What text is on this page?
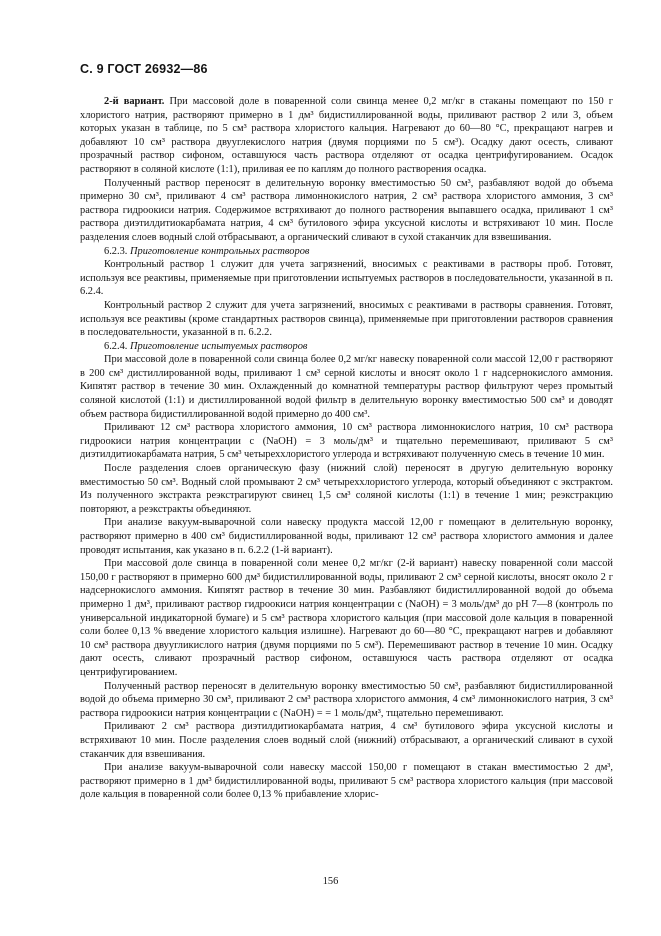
С. 9 ГОСТ 26932—86

2-й вариант. При массовой доле в поваренной соли свинца менее 0,2 мг/кг в стаканы помещают по 150 г хлористого натрия, растворяют примерно в 1 дм³ бидистиллированной воды, приливают раствор 2 или 3, объем которых указан в таблице, по 5 см³ раствора хлористого кальция. Нагревают до 60—80 °С, прекращают нагрев и добавляют 10 см³ раствора двууглекислого натрия (двумя порциями по 5 см³). Осадку дают осесть, сливают прозрачный раствор сифоном, оставшуюся часть раствора отделяют от осадка центрифугированием. Осадок растворяют в соляной кислоте (1:1), приливая ее по каплям до полного растворения осадка.

Полученный раствор переносят в делительную воронку вместимостью 50 см³, разбавляют водой до объема примерно 30 см³, приливают 4 см³ раствора лимоннокислого натрия, 2 см³ раствора хлористого аммония, 3 см³ раствора гидроокиси натрия. Содержимое встряхивают до полного растворения выпавшего осадка, приливают 1 см³ раствора диэтилдитиокарбамата натрия, 4 см³ бутилового эфира уксусной кислоты и встряхивают 10 мин. После разделения слоев водный слой отбрасывают, а органический сливают в сухой стаканчик для взвешивания.

6.2.3. Приготовление контрольных растворов

Контрольный раствор 1 служит для учета загрязнений, вносимых с реактивами в растворы проб. Готовят, используя все реактивы, применяемые при приготовлении испытуемых растворов в последовательности, указанной в п. 6.2.4.

Контрольный раствор 2 служит для учета загрязнений, вносимых с реактивами в растворы сравнения. Готовят, используя все реактивы (кроме стандартных растворов свинца), применяемые при приготовлении растворов сравнения в последовательности, указанной в п. 6.2.2.

6.2.4. Приготовление испытуемых растворов

При массовой доле в поваренной соли свинца более 0,2 мг/кг навеску поваренной соли массой 12,00 г растворяют в 200 см³ дистиллированной воды, приливают 1 см³ серной кислоты и вносят около 1 г надсернокислого аммония. Кипятят раствор в течение 30 мин. Охлажденный до комнатной температуры раствор фильтруют через промытый соляной кислотой (1:1) и дистиллированной водой фильтр в делительную воронку вместимостью 500 см³ и доводят объем раствора бидистиллированной водой примерно до 400 см³.

Приливают 12 см³ раствора хлористого аммония, 10 см³ раствора лимоннокислого натрия, 10 см³ раствора гидроокиси натрия концентрации c (NaOH) = 3 моль/дм³ и тщательно перемешивают, приливают 5 см³ диэтилдитиокарбамата натрия, 5 см³ четыреххлористого углерода и встряхивают полученную смесь в течение 10 мин.

После разделения слоев органическую фазу (нижний слой) переносят в другую делительную воронку вместимостью 50 см³. Водный слой промывают 2 см³ четыреххлористого углерода, который объединяют с экстрактом. Из полученного экстракта реэкстрагируют свинец 1,5 см³ соляной кислоты (1:1) в течение 1 мин; реэкстракцию повторяют, а реэкстракты объединяют.

При анализе вакуум-выварочной соли навеску продукта массой 12,00 г помещают в делительную воронку, растворяют примерно в 400 см³ бидистиллированной воды, приливают 12 см³ раствора хлористого аммония и далее проводят испытания, как указано в п. 6.2.2 (1-й вариант).

При массовой доле свинца в поваренной соли менее 0,2 мг/кг (2-й вариант) навеску поваренной соли массой 150,00 г растворяют в примерно 600 дм³ бидистиллированной воды, приливают 2 см³ серной кислоты, вносят около 2 г надсернокислого аммония. Кипятят раствор в течение 30 мин. Разбавляют бидистиллированной водой до объема примерно 1 дм³, приливают раствор гидроокиси натрия концентрации c (NaOH) = 3 моль/дм³ до pH 7—8 (контроль по универсальной индикаторной бумаге) и 5 см³ раствора хлористого кальция (при массовой доле кальция в поваренной соли более 0,13 % введение хлористого кальция излишне). Нагревают до 60—80 °С, прекращают нагрев и добавляют 10 см³ раствора двуугликислого натрия (двумя порциями по 5 см³). Перемешивают раствор в течение 10 мин. Осадку дают осесть, сливают прозрачный раствор сифоном, оставшуюся часть раствора отделяют от осадка центрифугированием.

Полученный раствор переносят в делительную воронку вместимостью 50 см³, разбавляют бидистиллированной водой до объема примерно 30 см³, приливают 2 см³ раствора хлористого аммония, 4 см³ лимоннокислого натрия, 3 см³ раствора гидроокиси натрия концентрации c (NaOH) = = 1 моль/дм³, тщательно перемешивают.

Приливают 2 см³ раствора диэтилдитиокарбамата натрия, 4 см³ бутилового эфира уксусной кислоты и встряхивают 10 мин. После разделения слоев водный слой (нижний) отбрасывают, а органический сливают в сухой стаканчик для взвешивания.

При анализе вакуум-выварочной соли навеску массой 150,00 г помещают в стакан вместимостью 2 дм³, растворяют примерно в 1 дм³ бидистиллированной воды, приливают 5 см³ раствора хлористого кальция (при массовой доле кальция в поваренной соли более 0,13 % прибавление хлорис-

156
